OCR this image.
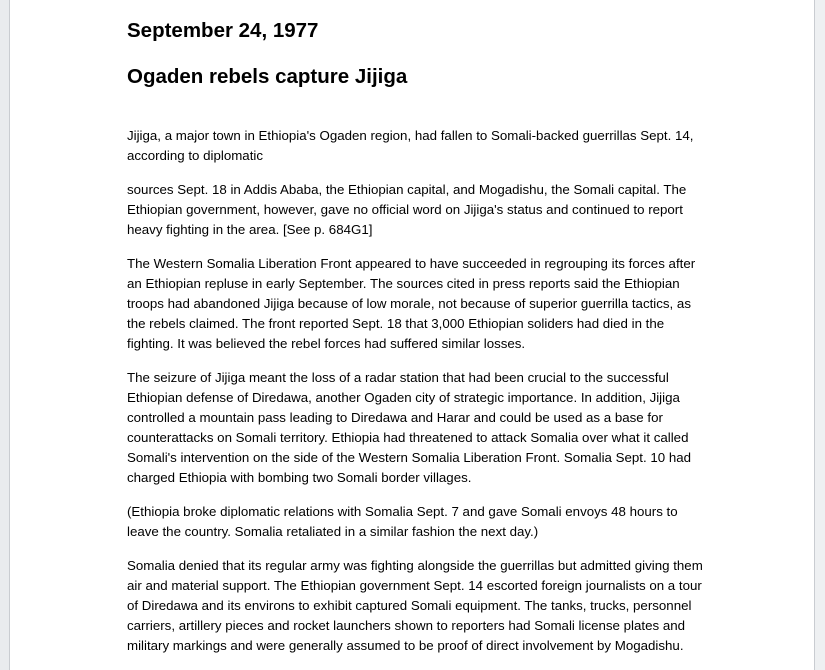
September 24, 1977
Ogaden rebels capture Jijiga

Jijiga, a major town in Ethiopia's Ogaden region, had fallen to Somali-backed guerrillas Sept. 14, according to diplomatic

sources Sept. 18 in Addis Ababa, the Ethiopian capital, and Mogadishu, the Somali capital. The Ethiopian government, however, gave no official word on Jijiga's status and continued to report heavy fighting in the area. [See p. 684G1]

The Western Somalia Liberation Front appeared to have succeeded in regrouping its forces after an Ethiopian repluse in early September. The sources cited in press reports said the Ethiopian troops had abandoned Jijiga because of low morale, not because of superior guerrilla tactics, as the rebels claimed. The front reported Sept. 18 that 3,000 Ethiopian soliders had died in the fighting. It was believed the rebel forces had suffered similar losses.

The seizure of Jijiga meant the loss of a radar station that had been crucial to the successful Ethiopian defense of Diredawa, another Ogaden city of strategic importance. In addition, Jijiga controlled a mountain pass leading to Diredawa and Harar and could be used as a base for counterattacks on Somali territory. Ethiopia had threatened to attack Somalia over what it called Somali's intervention on the side of the Western Somalia Liberation Front. Somalia Sept. 10 had charged Ethiopia with bombing two Somali border villages.

(Ethiopia broke diplomatic relations with Somalia Sept. 7 and gave Somali envoys 48 hours to leave the country. Somalia retaliated in a similar fashion the next day.)

Somalia denied that its regular army was fighting alongside the guerrillas but admitted giving them air and material support. The Ethiopian government Sept. 14 escorted foreign journalists on a tour of Diredawa and its environs to exhibit captured Somali equipment. The tanks, trucks, personnel carriers, artillery pieces and rocket launchers shown to reporters had Somali license plates and military markings and were generally assumed to be proof of direct involvement by Mogadishu.
